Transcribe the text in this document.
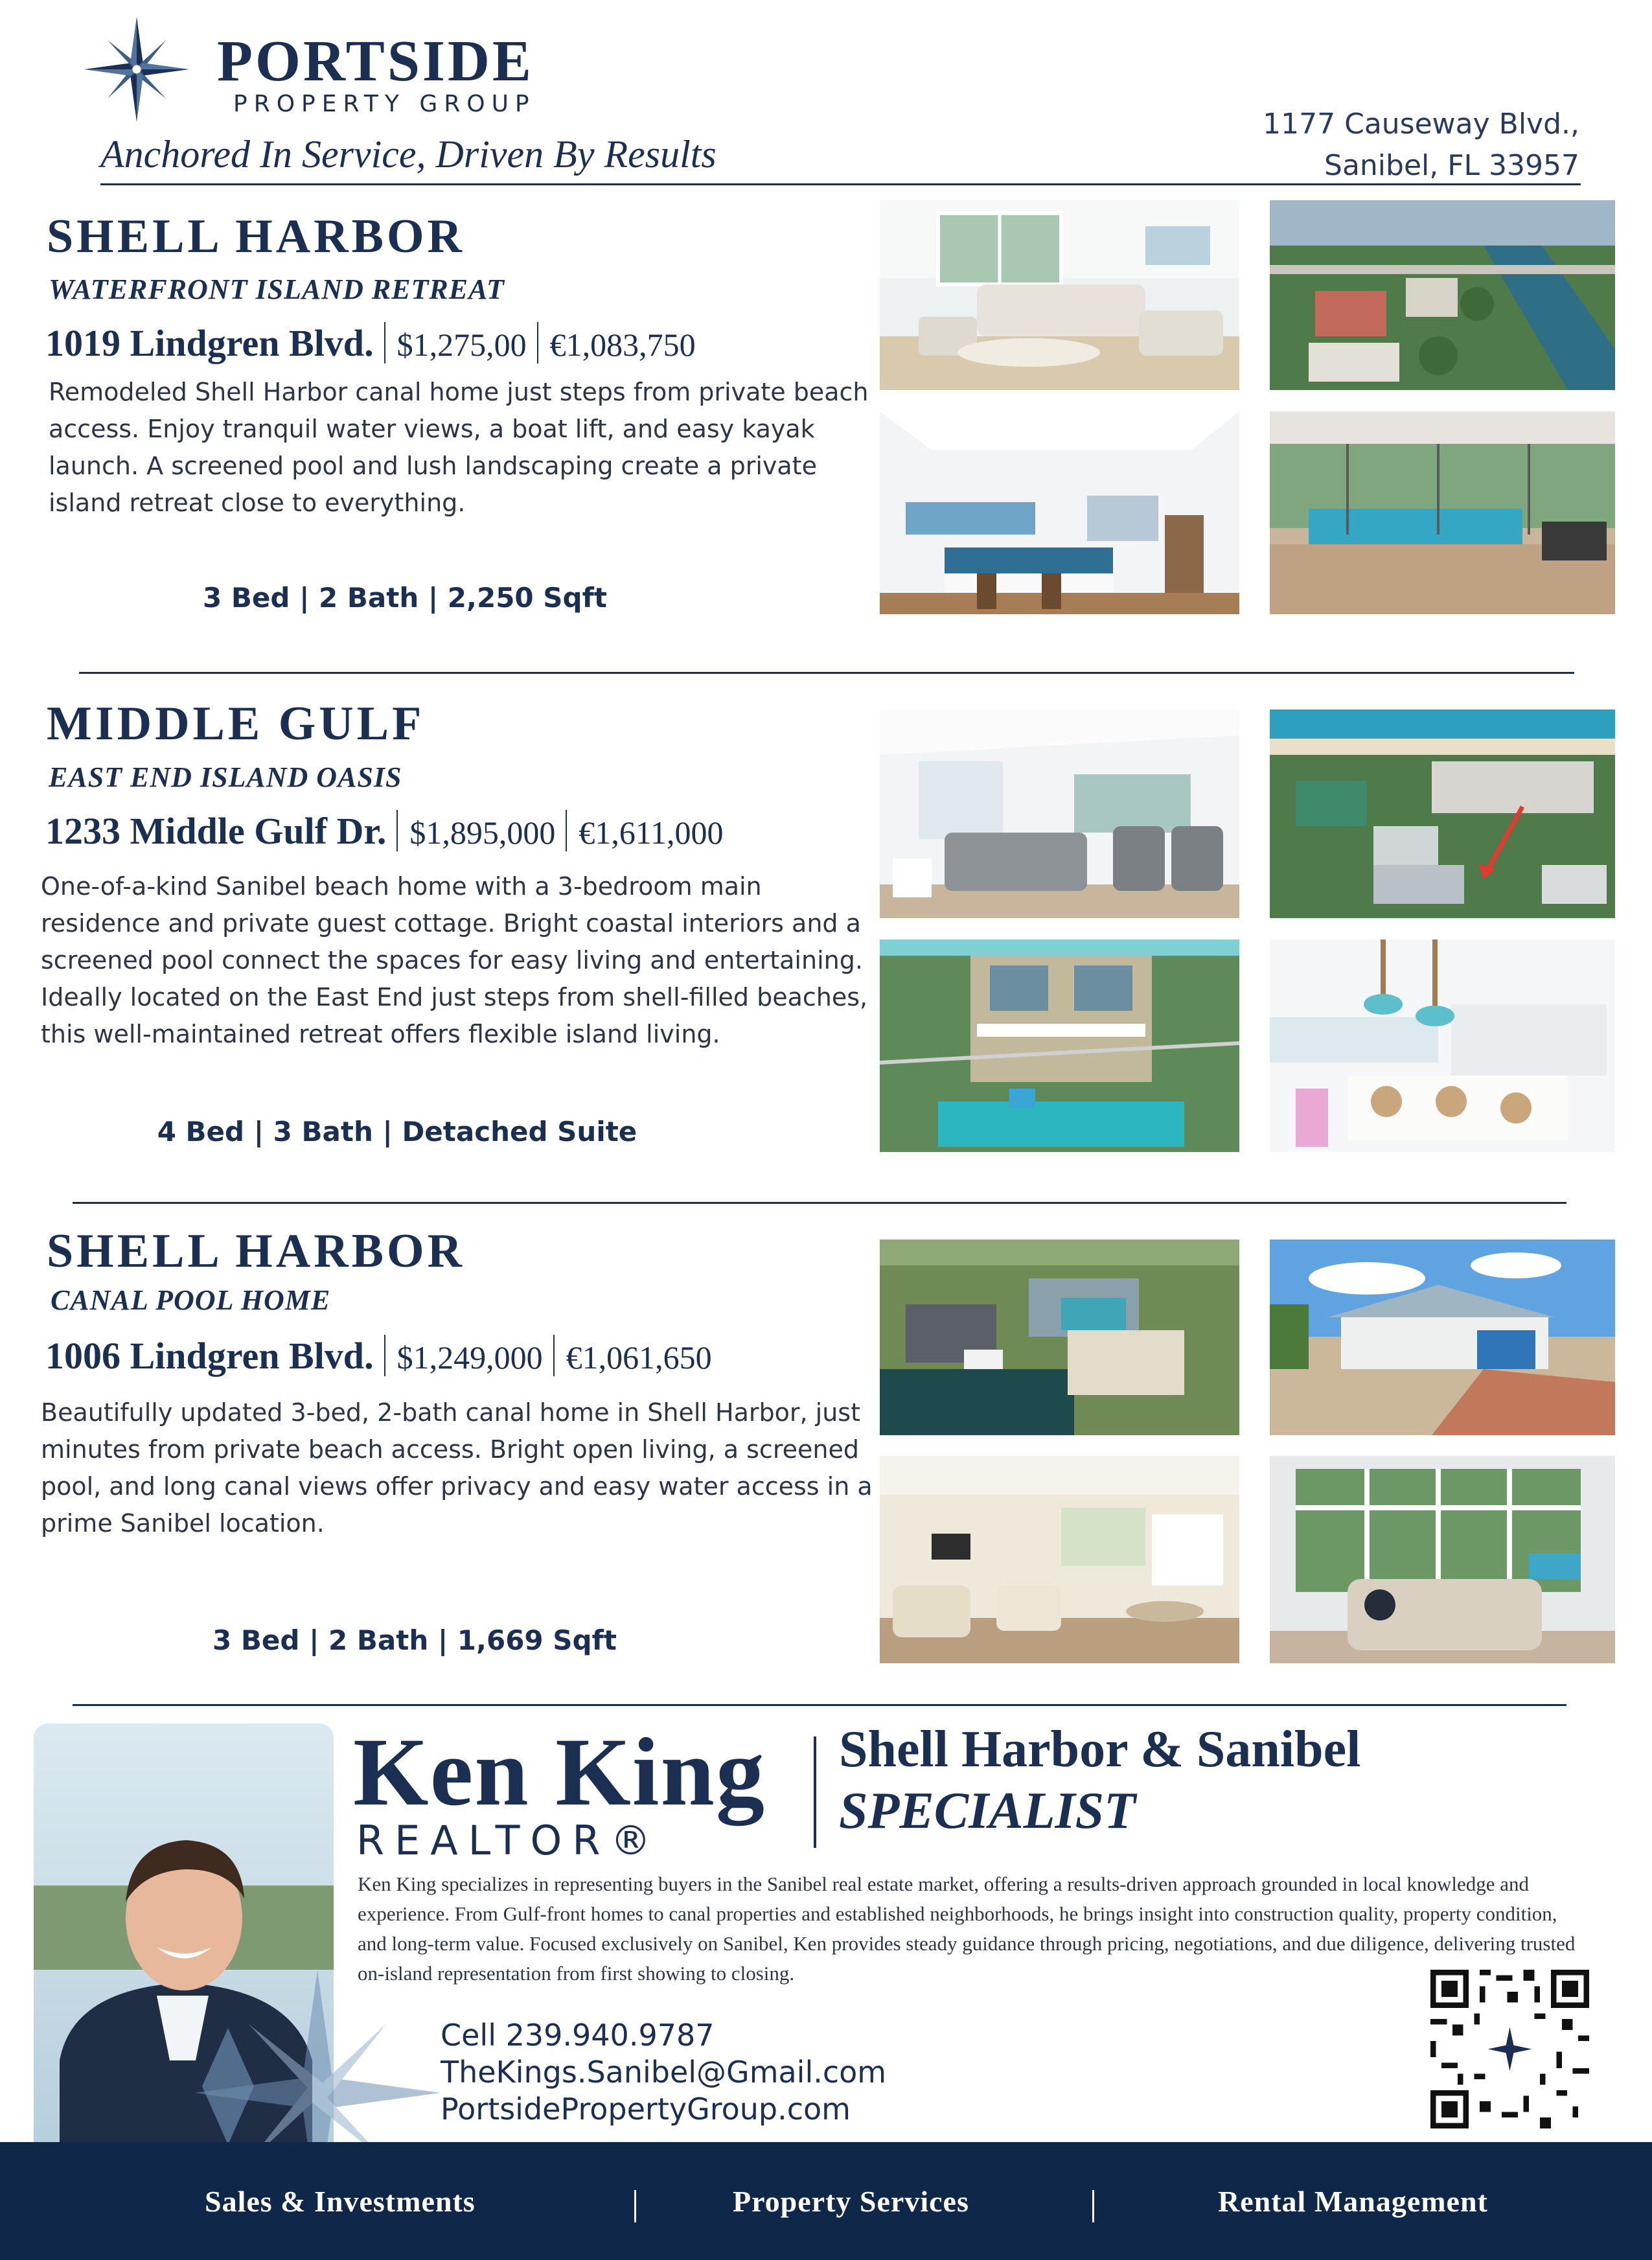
PORTSIDE
PROPERTY GROUP
Anchored In Service, Driven By Results
1177 Causeway Blvd.,
Sanibel, FL 33957
SHELL HARBOR
WATERFRONT ISLAND RETREAT
1019 Lindgren Blvd. $1,275,00 €1,083,750
Remodeled Shell Harbor canal home just steps from private beach access. Enjoy tranquil water views, a boat lift, and easy kayak launch. A screened pool and lush landscaping create a private island retreat close to everything.
3 Bed | 2 Bath | 2,250 Sqft
MIDDLE GULF
EAST END ISLAND OASIS
1233 Middle Gulf Dr. $1,895,000 €1,611,000
One-of-a-kind Sanibel beach home with a 3-bedroom main residence and private guest cottage. Bright coastal interiors and a screened pool connect the spaces for easy living and entertaining. Ideally located on the East End just steps from shell-filled beaches, this well-maintained retreat offers flexible island living.
4 Bed | 3 Bath | Detached Suite
SHELL HARBOR
CANAL POOL HOME
1006 Lindgren Blvd. $1,249,000 €1,061,650
Beautifully updated 3-bed, 2-bath canal home in Shell Harbor, just minutes from private beach access. Bright open living, a screened pool, and long canal views offer privacy and easy water access in a prime Sanibel location.
3 Bed | 2 Bath | 1,669 Sqft
Ken King
REALTOR®
Shell Harbor & Sanibel
SPECIALIST
Ken King specializes in representing buyers in the Sanibel real estate market, offering a results-driven approach grounded in local knowledge and experience. From Gulf-front homes to canal properties and established neighborhoods, he brings insight into construction quality, property condition, and long-term value. Focused exclusively on Sanibel, Ken provides steady guidance through pricing, negotiations, and due diligence, delivering trusted on-island representation from first showing to closing.
Cell 239.940.9787
TheKings.Sanibel@Gmail.com
PortsidePropertyGroup.com
Sales & Investments	Property Services	Rental Management
